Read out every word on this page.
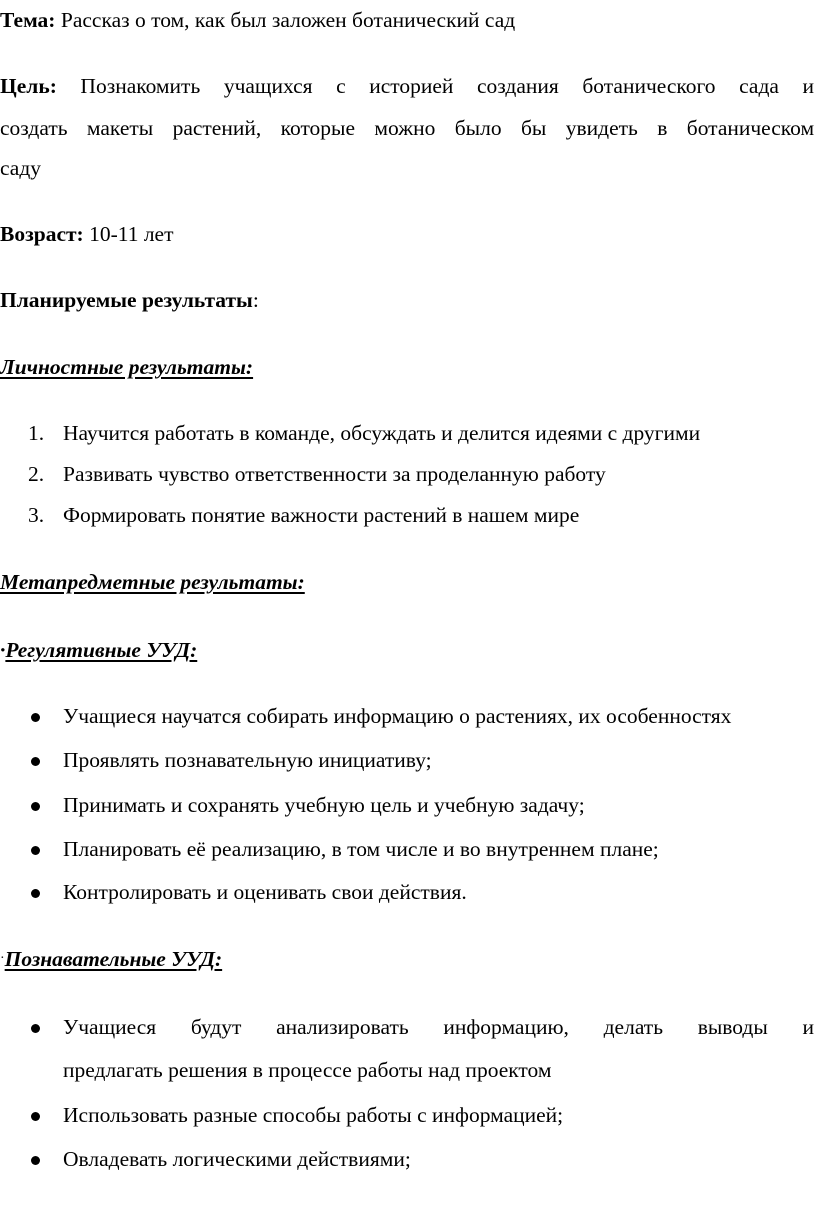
Тема: Рассказ о том, как был заложен ботанический сад
Цель: Познакомить учащихся с историей создания ботанического сада и
создать макеты растений, которые можно было бы увидеть в ботаническом
саду
Возраст: 10-11 лет
Планируемые результаты:
Личностные результаты:
1. Научится работать в команде, обсуждать и делится идеями с другими
2. Развивать чувство ответственности за проделанную работу
3. Формировать понятие важности растений в нашем мире
Метапредметные результаты:
·Регулятивные УУД:
Учащиеся научатся собирать информацию о растениях, их особенностях
Проявлять познавательную инициативу;
Принимать и сохранять учебную цель и учебную задачу;
Планировать её реализацию, в том числе и во внутреннем плане;
Контролировать и оценивать свои действия.
·Познавательные УУД:
Учащиеся будут анализировать информацию, делать выводы и
предлагать решения в процессе работы над проектом
Использовать разные способы работы с информацией;
Овладевать логическими действиями;
